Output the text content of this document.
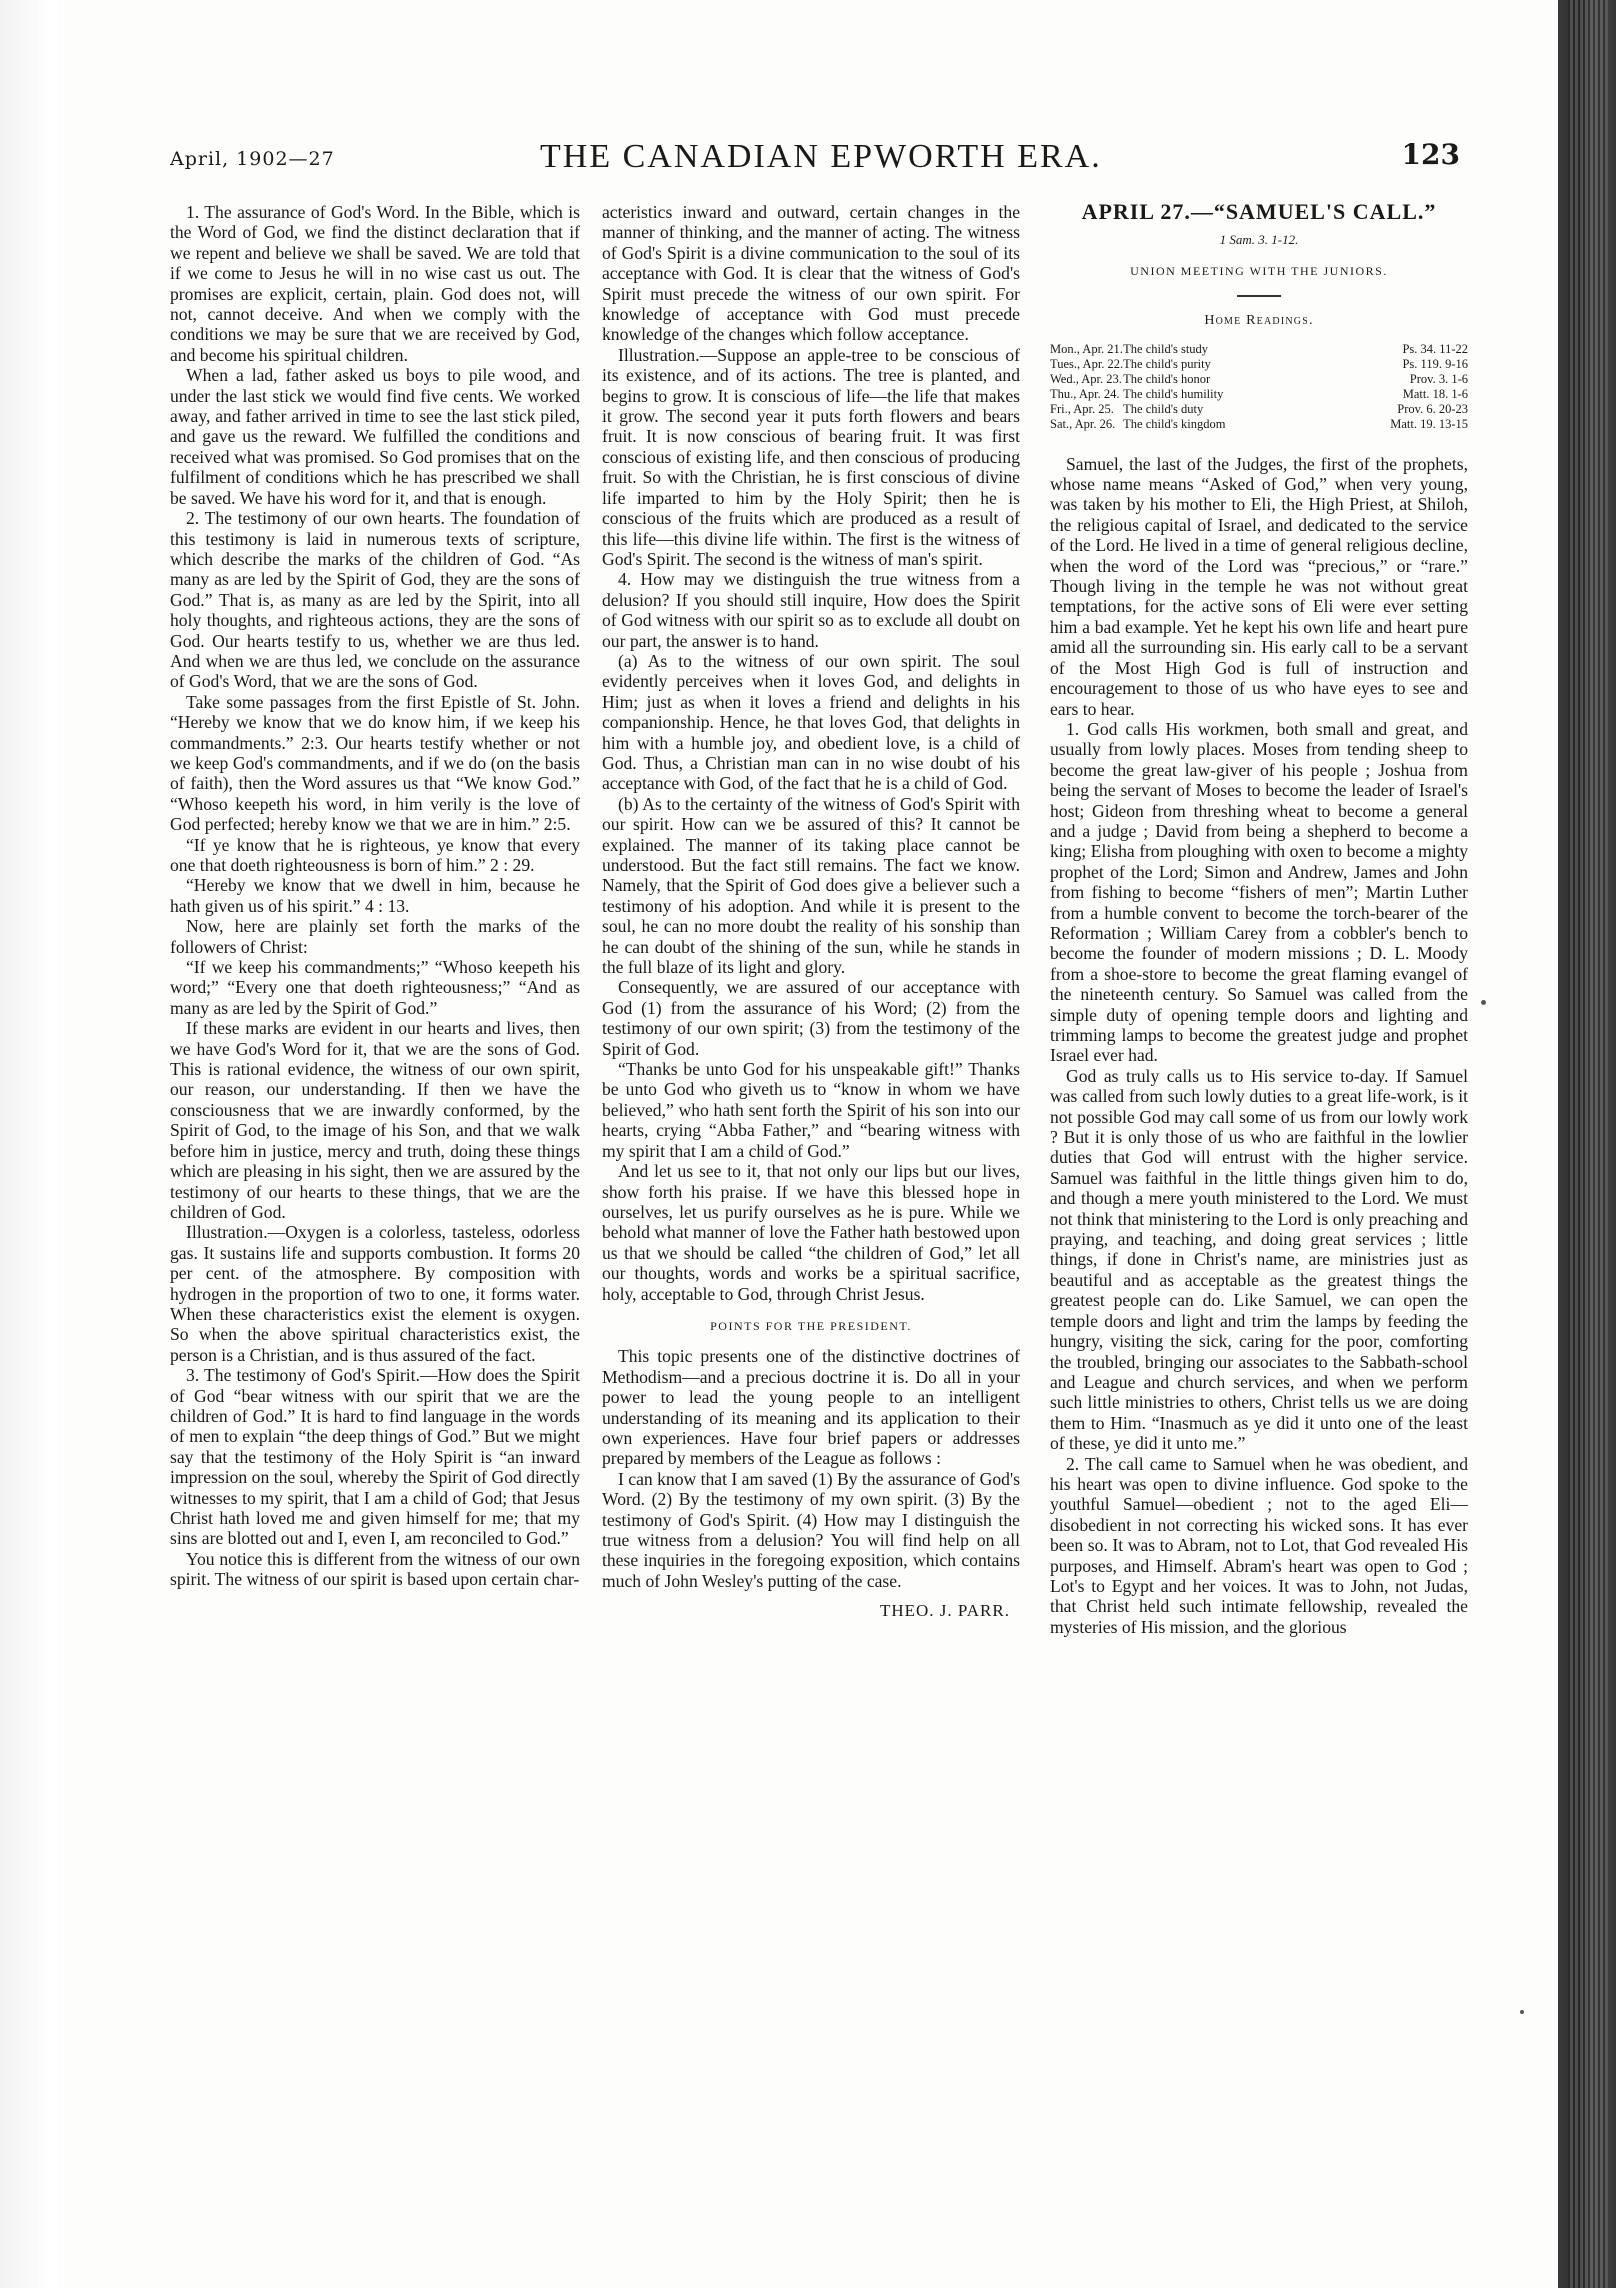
April, 1902—27	THE CANADIAN EPWORTH ERA.	123

1. The assurance of God's Word. In the Bible, which is the Word of God, we find the distinct declaration that if we repent and believe we shall be saved. We are told that if we come to Jesus he will in no wise cast us out. The promises are explicit, certain, plain. God does not, will not, cannot deceive. And when we comply with the conditions we may be sure that we are received by God, and become his spiritual children.

When a lad, father asked us boys to pile wood, and under the last stick we would find five cents. We worked away, and father arrived in time to see the last stick piled, and gave us the reward. We fulfilled the conditions and received what was promised. So God promises that on the fulfilment of conditions which he has prescribed we shall be saved. We have his word for it, and that is enough.

2. The testimony of our own hearts. The foundation of this testimony is laid in numerous texts of scripture, which describe the marks of the children of God. “As many as are led by the Spirit of God, they are the sons of God.” That is, as many as are led by the Spirit, into all holy thoughts, and righteous actions, they are the sons of God. Our hearts testify to us, whether we are thus led. And when we are thus led, we conclude on the assurance of God's Word, that we are the sons of God.

Take some passages from the first Epistle of St. John. “Hereby we know that we do know him, if we keep his commandments.” 2:3. Our hearts testify whether or not we keep God's commandments, and if we do (on the basis of faith), then the Word assures us that “We know God.” “Whoso keepeth his word, in him verily is the love of God perfected; hereby know we that we are in him.” 2:5.

“If ye know that he is righteous, ye know that every one that doeth righteousness is born of him.” 2 : 29.

“Hereby we know that we dwell in him, because he hath given us of his spirit.” 4 : 13.

Now, here are plainly set forth the marks of the followers of Christ:

“If we keep his commandments;” “Whoso keepeth his word;” “Every one that doeth righteousness;” “And as many as are led by the Spirit of God.”

If these marks are evident in our hearts and lives, then we have God's Word for it, that we are the sons of God. This is rational evidence, the witness of our own spirit, our reason, our understanding. If then we have the consciousness that we are inwardly conformed, by the Spirit of God, to the image of his Son, and that we walk before him in justice, mercy and truth, doing these things which are pleasing in his sight, then we are assured by the testimony of our hearts to these things, that we are the children of God.

Illustration.—Oxygen is a colorless, tasteless, odorless gas. It sustains life and supports combustion. It forms 20 per cent. of the atmosphere. By composition with hydrogen in the proportion of two to one, it forms water. When these characteristics exist the element is oxygen. So when the above spiritual characteristics exist, the person is a Christian, and is thus assured of the fact.

3. The testimony of God's Spirit.—How does the Spirit of God “bear witness with our spirit that we are the children of God.” It is hard to find language in the words of men to explain “the deep things of God.” But we might say that the testimony of the Holy Spirit is “an inward impression on the soul, whereby the Spirit of God directly witnesses to my spirit, that I am a child of God; that Jesus Christ hath loved me and given himself for me; that my sins are blotted out and I, even I, am reconciled to God.”

You notice this is different from the witness of our own spirit. The witness of our spirit is based upon certain char-

acteristics inward and outward, certain changes in the manner of thinking, and the manner of acting. The witness of God's Spirit is a divine communication to the soul of its acceptance with God. It is clear that the witness of God's Spirit must precede the witness of our own spirit. For knowledge of acceptance with God must precede knowledge of the changes which follow acceptance.

Illustration.—Suppose an apple-tree to be conscious of its existence, and of its actions. The tree is planted, and begins to grow. It is conscious of life—the life that makes it grow. The second year it puts forth flowers and bears fruit. It is now conscious of bearing fruit. It was first conscious of existing life, and then conscious of producing fruit. So with the Christian, he is first conscious of divine life imparted to him by the Holy Spirit; then he is conscious of the fruits which are produced as a result of this life—this divine life within. The first is the witness of God's Spirit. The second is the witness of man's spirit.

4. How may we distinguish the true witness from a delusion? If you should still inquire, How does the Spirit of God witness with our spirit so as to exclude all doubt on our part, the answer is to hand.

(a) As to the witness of our own spirit. The soul evidently perceives when it loves God, and delights in Him; just as when it loves a friend and delights in his companionship. Hence, he that loves God, that delights in him with a humble joy, and obedient love, is a child of God. Thus, a Christian man can in no wise doubt of his acceptance with God, of the fact that he is a child of God.

(b) As to the certainty of the witness of God's Spirit with our spirit. How can we be assured of this? It cannot be explained. The manner of its taking place cannot be understood. But the fact still remains. The fact we know. Namely, that the Spirit of God does give a believer such a testimony of his adoption. And while it is present to the soul, he can no more doubt the reality of his sonship than he can doubt of the shining of the sun, while he stands in the full blaze of its light and glory.

Consequently, we are assured of our acceptance with God (1) from the assurance of his Word; (2) from the testimony of our own spirit; (3) from the testimony of the Spirit of God.

“Thanks be unto God for his unspeakable gift!” Thanks be unto God who giveth us to “know in whom we have believed,” who hath sent forth the Spirit of his son into our hearts, crying “Abba Father,” and “bearing witness with my spirit that I am a child of God.”

And let us see to it, that not only our lips but our lives, show forth his praise. If we have this blessed hope in ourselves, let us purify ourselves as he is pure. While we behold what manner of love the Father hath bestowed upon us that we should be called “the children of God,” let all our thoughts, words and works be a spiritual sacrifice, holy, acceptable to God, through Christ Jesus.

POINTS FOR THE PRESIDENT.

This topic presents one of the distinctive doctrines of Methodism—and a precious doctrine it is. Do all in your power to lead the young people to an intelligent understanding of its meaning and its application to their own experiences. Have four brief papers or addresses prepared by members of the League as follows :

I can know that I am saved (1) By the assurance of God's Word. (2) By the testimony of my own spirit. (3) By the testimony of God's Spirit. (4) How may I distinguish the true witness from a delusion? You will find help on all these inquiries in the foregoing exposition, which contains much of John Wesley's putting of the case.

THEO. J. PARR.
APRIL 27.—“SAMUEL'S CALL.”
1 Sam. 3. 1-12.
UNION MEETING WITH THE JUNIORS.
Home Readings.
Mon., Apr. 21.	The child's study	Ps. 34. 11-22
Tues., Apr. 22.	The child's purity	Ps. 119. 9-16
Wed., Apr. 23.	The child's honor	Prov. 3. 1-6
Thu., Apr. 24.	The child's humility	Matt. 18. 1-6
Fri., Apr. 25.	The child's duty	Prov. 6. 20-23
Sat., Apr. 26.	The child's kingdom	Matt. 19. 13-15

Samuel, the last of the Judges, the first of the prophets, whose name means “Asked of God,” when very young, was taken by his mother to Eli, the High Priest, at Shiloh, the religious capital of Israel, and dedicated to the service of the Lord. He lived in a time of general religious decline, when the word of the Lord was “precious,” or “rare.” Though living in the temple he was not without great temptations, for the active sons of Eli were ever setting him a bad example. Yet he kept his own life and heart pure amid all the surrounding sin. His early call to be a servant of the Most High God is full of instruction and encouragement to those of us who have eyes to see and ears to hear.

1. God calls His workmen, both small and great, and usually from lowly places. Moses from tending sheep to become the great law-giver of his people ; Joshua from being the servant of Moses to become the leader of Israel's host; Gideon from threshing wheat to become a general and a judge ; David from being a shepherd to become a king; Elisha from ploughing with oxen to become a mighty prophet of the Lord; Simon and Andrew, James and John from fishing to become “fishers of men”; Martin Luther from a humble convent to become the torch-bearer of the Reformation ; William Carey from a cobbler's bench to become the founder of modern missions ; D. L. Moody from a shoe-store to become the great flaming evangel of the nineteenth century. So Samuel was called from the simple duty of opening temple doors and lighting and trimming lamps to become the greatest judge and prophet Israel ever had.

God as truly calls us to His service to-day. If Samuel was called from such lowly duties to a great life-work, is it not possible God may call some of us from our lowly work ? But it is only those of us who are faithful in the lowlier duties that God will entrust with the higher service. Samuel was faithful in the little things given him to do, and though a mere youth ministered to the Lord. We must not think that ministering to the Lord is only preaching and praying, and teaching, and doing great services ; little things, if done in Christ's name, are ministries just as beautiful and as acceptable as the greatest things the greatest people can do. Like Samuel, we can open the temple doors and light and trim the lamps by feeding the hungry, visiting the sick, caring for the poor, comforting the troubled, bringing our associates to the Sabbath-school and League and church services, and when we perform such little ministries to others, Christ tells us we are doing them to Him. “Inasmuch as ye did it unto one of the least of these, ye did it unto me.”

2. The call came to Samuel when he was obedient, and his heart was open to divine influence. God spoke to the youthful Samuel—obedient ; not to the aged Eli—disobedient in not correcting his wicked sons. It has ever been so. It was to Abram, not to Lot, that God revealed His purposes, and Himself. Abram's heart was open to God ; Lot's to Egypt and her voices. It was to John, not Judas, that Christ held such intimate fellowship, revealed the mysteries of His mission, and the glorious
